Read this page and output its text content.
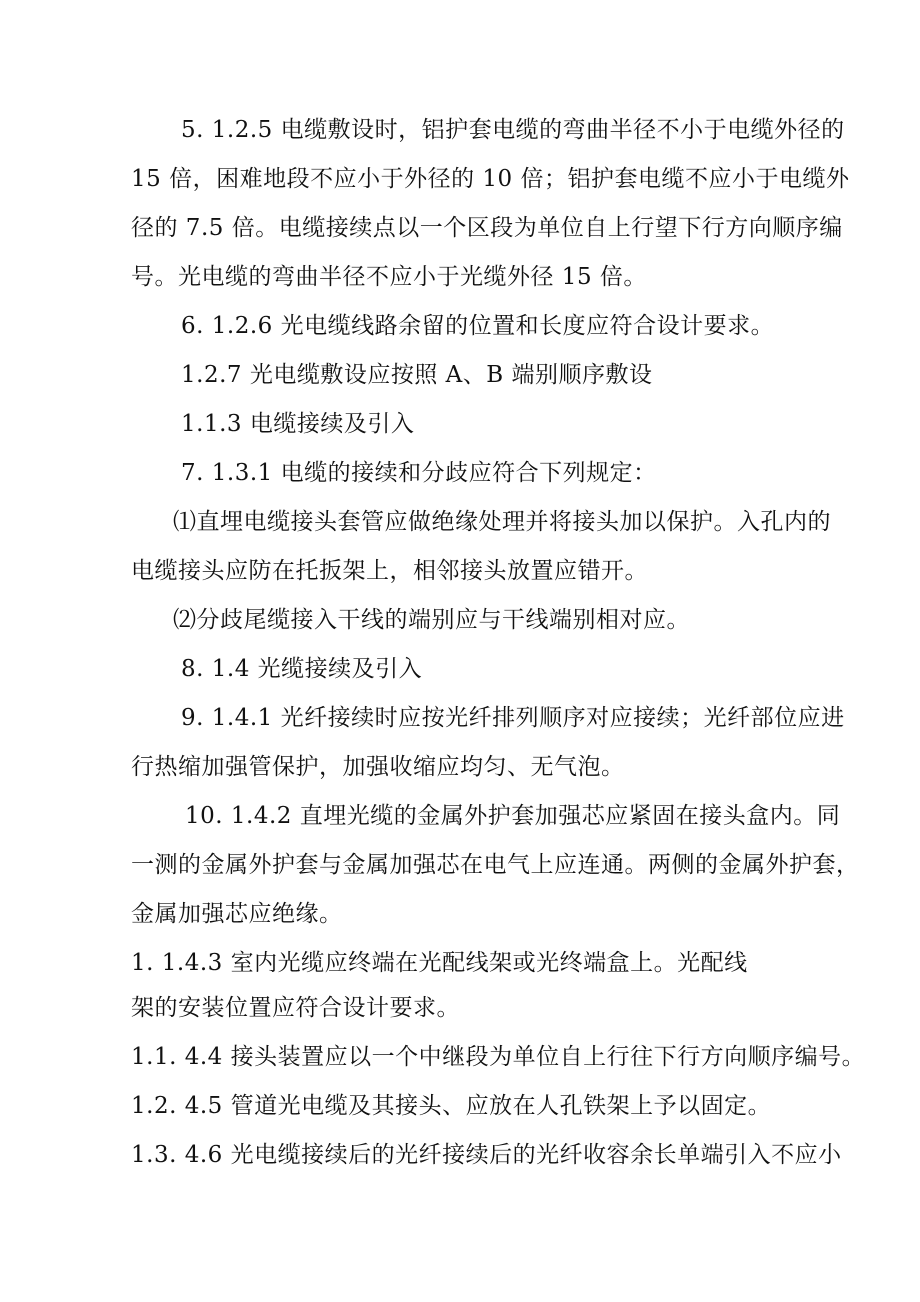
5. 1.2.5 电缆敷设时，铝护套电缆的弯曲半径不小于电缆外径的

15 倍，困难地段不应小于外径的 10 倍；铝护套电缆不应小于电缆外

径的 7.5 倍。电缆接续点以一个区段为单位自上行望下行方向顺序编

号。光电缆的弯曲半径不应小于光缆外径 15 倍。

6. 1.2.6 光电缆线路余留的位置和长度应符合设计要求。

1.2.7 光电缆敷设应按照 A、B 端别顺序敷设

1.1.3 电缆接续及引入

7. 1.3.1 电缆的接续和分歧应符合下列规定：

⑴直埋电缆接头套管应做绝缘处理并将接头加以保护。入孔内的

电缆接头应防在托扳架上，相邻接头放置应错开。

⑵分歧尾缆接入干线的端别应与干线端别相对应。

8. 1.4 光缆接续及引入

9. 1.4.1 光纤接续时应按光纤排列顺序对应接续；光纤部位应进

行热缩加强管保护，加强收缩应均匀、无气泡。

10. 1.4.2 直埋光缆的金属外护套加强芯应紧固在接头盒内。同

一测的金属外护套与金属加强芯在电气上应连通。两侧的金属外护套，

金属加强芯应绝缘。

1. 1.4.3 室内光缆应终端在光配线架或光终端盒上。光配线

架的安装位置应符合设计要求。

1.1. 4.4 接头装置应以一个中继段为单位自上行往下行方向顺序编号。

1.2. 4.5 管道光电缆及其接头、应放在人孔铁架上予以固定。

1.3. 4.6 光电缆接续后的光纤接续后的光纤收容余长单端引入不应小
